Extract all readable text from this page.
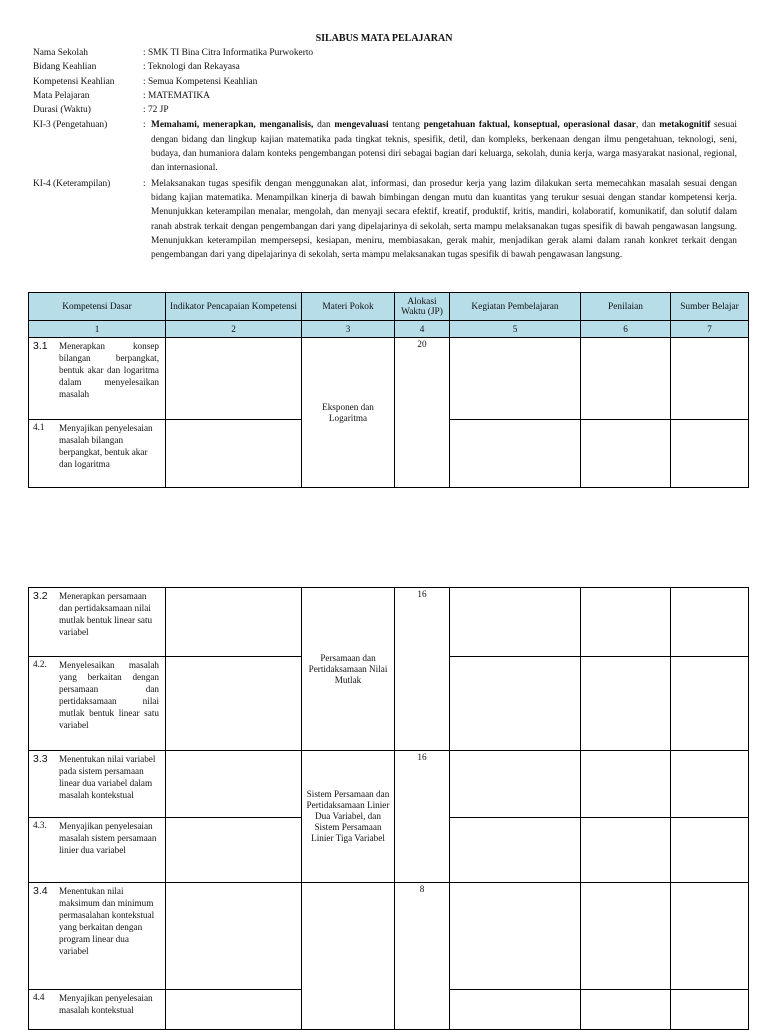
SILABUS MATA PELAJARAN
Nama Sekolah	: SMK TI Bina Citra Informatika Purwokerto
Bidang Keahlian	: Teknologi dan Rekayasa
Kompetensi Keahlian	: Semua Kompetensi Keahlian
Mata Pelajaran	: MATEMATIKA
Durasi (Waktu)	: 72 JP
KI-3 (Pengetahuan)	: Memahami, menerapkan, menganalisis, dan mengevaluasi tentang pengetahuan faktual, konseptual, operasional dasar, dan metakognitif sesuai dengan bidang dan lingkup kajian matematika pada tingkat teknis, spesifik, detil, dan kompleks, berkenaan dengan ilmu pengetahuan, teknologi, seni, budaya, dan humaniora dalam konteks pengembangan potensi diri sebagai bagian dari keluarga, sekolah, dunia kerja, warga masyarakat nasional, regional, dan internasional.
KI-4 (Keterampilan)	: Melaksanakan tugas spesifik dengan menggunakan alat, informasi, dan prosedur kerja yang lazim dilakukan serta memecahkan masalah sesuai dengan bidang kajian matematika. Menampilkan kinerja di bawah bimbingan dengan mutu dan kuantitas yang terukur sesuai dengan standar kompetensi kerja. Menunjukkan keterampilan menalar, mengolah, dan menyaji secara efektif, kreatif, produktif, kritis, mandiri, kolaboratif, komunikatif, dan solutif dalam ranah abstrak terkait dengan pengembangan dari yang dipelajarinya di sekolah, serta mampu melaksanakan tugas spesifik di bawah pengawasan langsung. Menunjukkan keterampilan mempersepsi, kesiapan, meniru, membiasakan, gerak mahir, menjadikan gerak alami dalam ranah konkret terkait dengan pengembangan dari yang dipelajarinya di sekolah, serta mampu melaksanakan tugas spesifik di bawah pengawasan langsung.
Kompetensi Dasar	Indikator Pencapaian Kompetensi	Materi Pokok	Alokasi Waktu (JP)	Kegiatan Pembelajaran	Penilaian	Sumber Belajar
1	2	3	4	5	6	7
3.1 Menerapkan konsep bilangan berpangkat, bentuk akar dan logaritma dalam menyelesaikan masalah		Eksponen dan Logaritma	20			
4.1 Menyajikan penyelesaian masalah bilangan berpangkat, bentuk akar dan logaritma						
3.2 Menerapkan persamaan dan pertidaksamaan nilai mutlak bentuk linear satu variabel		Persamaan dan Pertidaksamaan Nilai Mutlak	16			
4.2. Menyelesaikan masalah yang berkaitan dengan persamaan dan pertidaksamaan nilai mutlak bentuk linear satu variabel						
3.3 Menentukan nilai variabel pada sistem persamaan linear dua variabel dalam masalah kontekstual		Sistem Persamaan dan Pertidaksamaan Linier Dua Variabel, dan Sistem Persamaan Linier Tiga Variabel	16			
4.3. Menyajikan penyelesaian masalah sistem persamaan linier dua variabel						
3.4 Menentukan nilai maksimum dan minimum permasalahan kontekstual yang berkaitan dengan program linear dua variabel			8			
4.4 Menyajikan penyelesaian masalah kontekstual						
